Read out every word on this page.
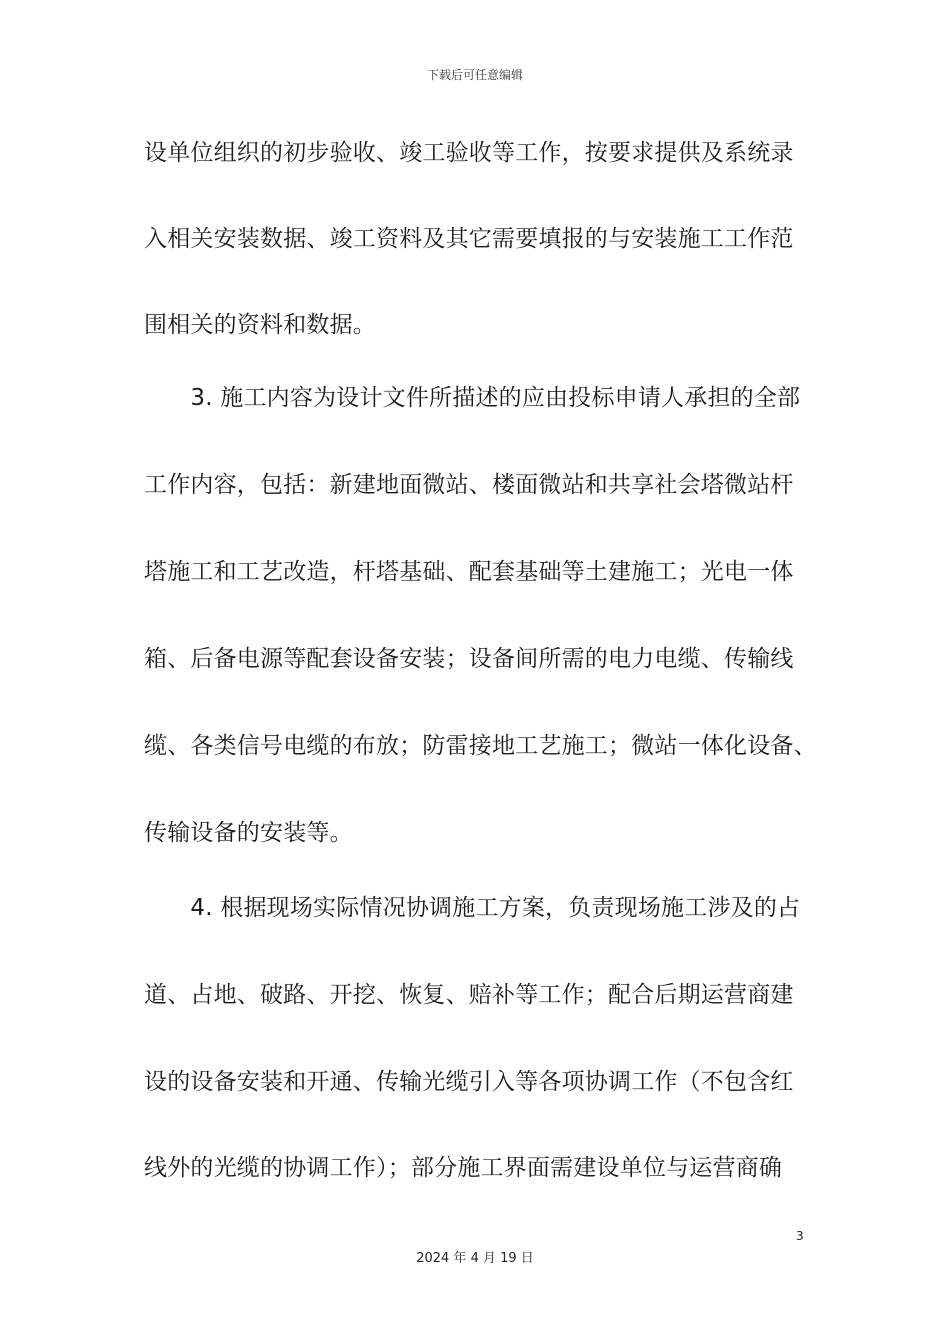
下载后可任意编辑
设单位组织的初步验收、竣工验收等工作，按要求提供及系统录
入相关安装数据、竣工资料及其它需要填报的与安装施工工作范
围相关的资料和数据。
　　3. 施工内容为设计文件所描述的应由投标申请人承担的全部
工作内容，包括：新建地面微站、楼面微站和共享社会塔微站杆
塔施工和工艺改造，杆塔基础、配套基础等土建施工；光电一体
箱、后备电源等配套设备安装；设备间所需的电力电缆、传输线
缆、各类信号电缆的布放；防雷接地工艺施工；微站一体化设备、
传输设备的安装等。
　　4. 根据现场实际情况协调施工方案，负责现场施工涉及的占
道、占地、破路、开挖、恢复、赔补等工作；配合后期运营商建
设的设备安装和开通、传输光缆引入等各项协调工作（不包含红
线外的光缆的协调工作）；部分施工界面需建设单位与运营商确
3
2024 年 4 月 19 日
